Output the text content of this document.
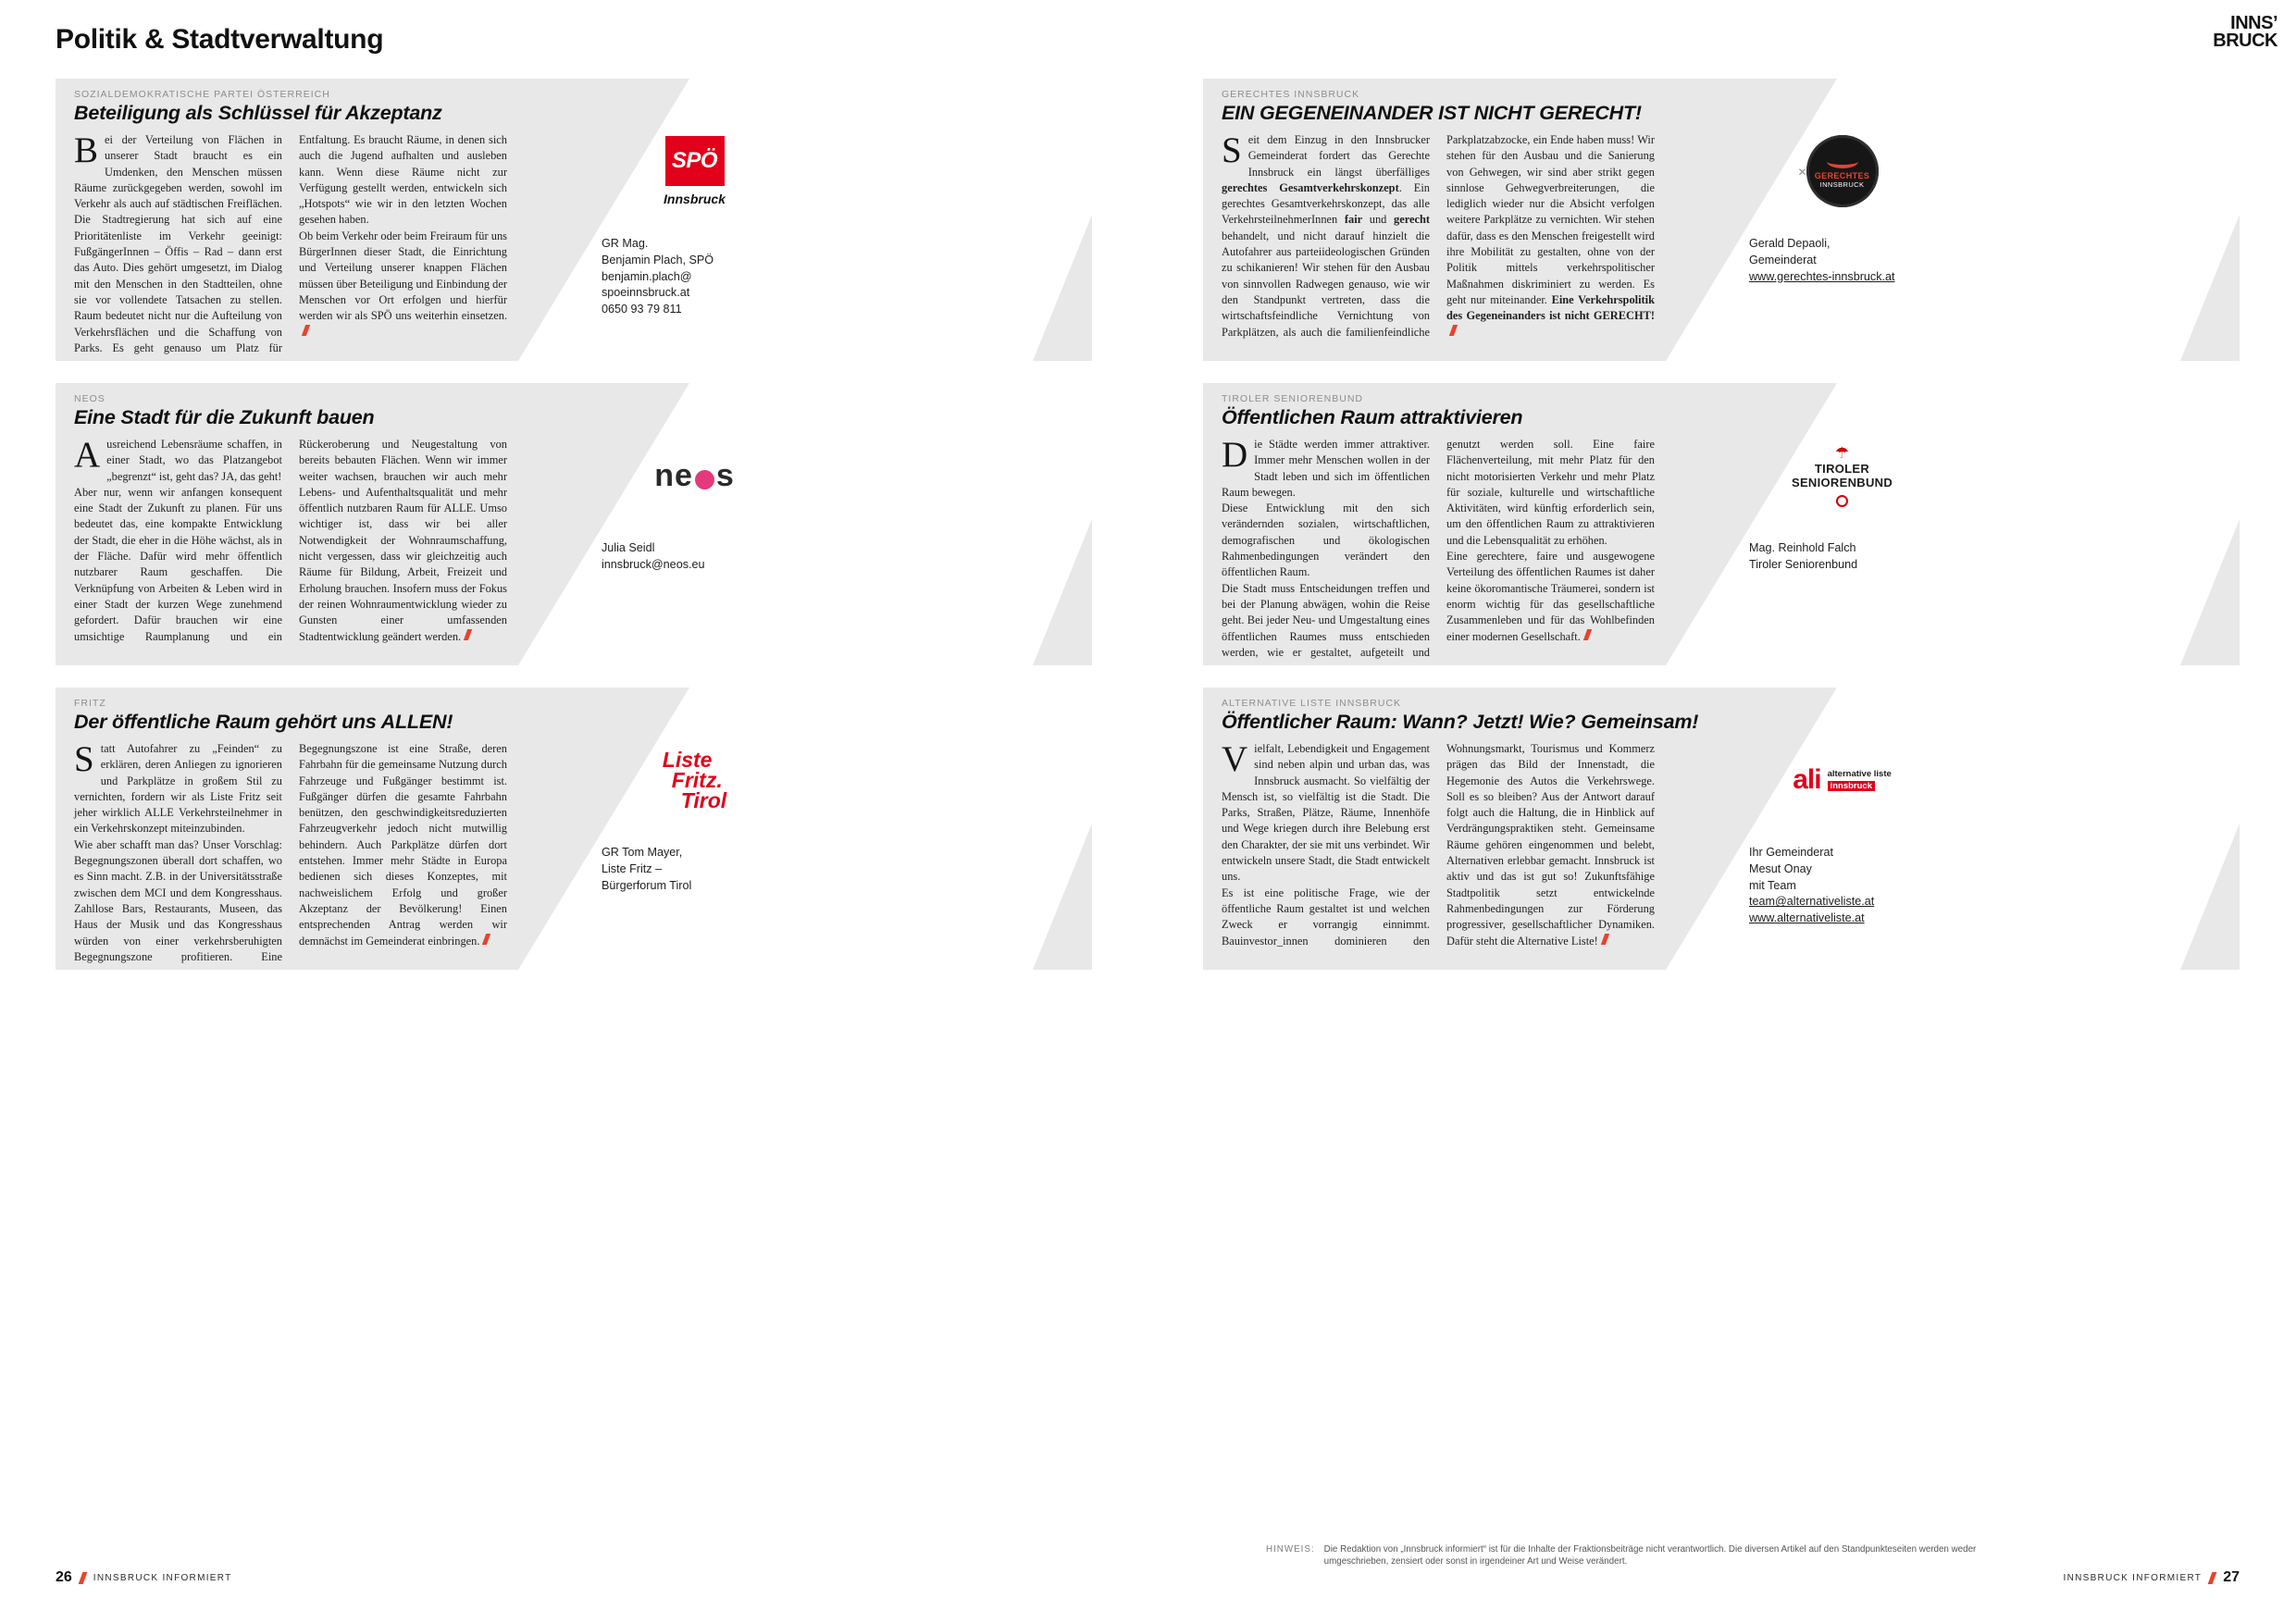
Politik & Stadtverwaltung
INNS’
BRUCK
SOZIALDEMOKRATISCHE PARTEI ÖSTERREICH
Beteiligung als Schlüssel für Akzeptanz
Bei der Verteilung von Flächen in unserer Stadt braucht es ein Umdenken, den Menschen müssen Räume zurückgegeben werden, sowohl im Verkehr als auch auf städtischen Freiflächen. Die Stadtregierung hat sich auf eine Prioritätenliste im Verkehr geeinigt: FußgängerInnen – Öffis – Rad – dann erst das Auto. Dies gehört umgesetzt, im Dialog mit den Menschen in den Stadtteilen, ohne sie vor vollendete Tatsachen zu stellen. Raum bedeutet nicht nur die Aufteilung von Verkehrsflächen und die Schaffung von Parks. Es geht genauso um Platz für Entfaltung. Es braucht Räume, in denen sich auch die Jugend aufhalten und ausleben kann. Wenn diese Räume nicht zur Verfügung gestellt werden, entwickeln sich „Hotspots“ wie wir in den letzten Wochen gesehen haben.
Ob beim Verkehr oder beim Freiraum für uns BürgerInnen dieser Stadt, die Einrichtung und Verteilung unserer knappen Flächen müssen über Beteiligung und Einbindung der Menschen vor Ort erfolgen und hierfür werden wir als SPÖ uns weiterhin einsetzen.
SPÖ
Innsbruck
GR Mag.
Benjamin Plach, SPÖ
benjamin.plach@
spoeinnsbruck.at
0650 93 79 811
GERECHTES INNSBRUCK
EIN GEGENEINANDER IST NICHT GERECHT!
Seit dem Einzug in den Innsbrucker Gemeinderat fordert das Gerechte Innsbruck ein längst überfälliges gerechtes Gesamtverkehrskonzept. Ein gerechtes Gesamtverkehrskonzept, das alle VerkehrsteilnehmerInnen fair und gerecht behandelt, und nicht darauf hinzielt die Autofahrer aus parteiideologischen Gründen zu schikanieren! Wir stehen für den Ausbau von sinnvollen Radwegen genauso, wie wir den Standpunkt vertreten, dass die wirtschaftsfeindliche Vernichtung von Parkplätzen, als auch die familienfeindliche Parkplatzabzocke, ein Ende haben muss! Wir stehen für den Ausbau und die Sanierung von Gehwegen, wir sind aber strikt gegen sinnlose Gehwegverbreiterungen, die lediglich wieder nur die Absicht verfolgen weitere Parkplätze zu vernichten. Wir stehen dafür, dass es den Menschen freigestellt wird ihre Mobilität zu gestalten, ohne von der Politik mittels verkehrspolitischer Maßnahmen diskriminiert zu werden. Es geht nur miteinander. Eine Verkehrspolitik des Gegeneinanders ist nicht GERECHT!
✕ GERECHTES
INNSBRUCK
Gerald Depaoli,
Gemeinderat
www.gerechtes-innsbruck.at
NEOS
Eine Stadt für die Zukunft bauen
Ausreichend Lebensräume schaffen, in einer Stadt, wo das Platzangebot „begrenzt“ ist, geht das? JA, das geht!
Aber nur, wenn wir anfangen konsequent eine Stadt der Zukunft zu planen. Für uns bedeutet das, eine kompakte Entwicklung der Stadt, die eher in die Höhe wächst, als in der Fläche. Dafür wird mehr öffentlich nutzbarer Raum geschaffen. Die Verknüpfung von Arbeiten & Leben wird in einer Stadt der kurzen Wege zunehmend gefordert. Dafür brauchen wir eine umsichtige Raumplanung und ein Rückeroberung und Neugestaltung von bereits bebauten Flächen. Wenn wir immer weiter wachsen, brauchen wir auch mehr Lebens- und Aufenthaltsqualität und mehr öffentlich nutzbaren Raum für ALLE. Umso wichtiger ist, dass wir bei aller Notwendigkeit der Wohnraumschaffung, nicht vergessen, dass wir gleichzeitig auch Räume für Bildung, Arbeit, Freizeit und Erholung brauchen. Insofern muss der Fokus der reinen Wohnraumentwicklung wieder zu Gunsten einer umfassenden Stadtentwicklung geändert werden.
ne s
Julia Seidl
innsbruck@neos.eu
TIROLER SENIORENBUND
Öffentlichen Raum attraktivieren
Die Städte werden immer attraktiver. Immer mehr Menschen wollen in der Stadt leben und sich im öffentlichen Raum bewegen.
Diese Entwicklung mit den sich verändernden sozialen, wirtschaftlichen, demografischen und ökologischen Rahmenbedingungen verändert den öffentlichen Raum.
Die Stadt muss Entscheidungen treffen und bei der Planung abwägen, wohin die Reise geht. Bei jeder Neu- und Umgestaltung eines öffentlichen Raumes muss entschieden werden, wie er gestaltet, aufgeteilt und genutzt werden soll. Eine faire Flächenverteilung, mit mehr Platz für den nicht motorisierten Verkehr und mehr Platz für soziale, kulturelle und wirtschaftliche Aktivitäten, wird künftig erforderlich sein, um den öffentlichen Raum zu attraktivieren und die Lebensqualität zu erhöhen.
Eine gerechtere, faire und ausgewogene Verteilung des öffentlichen Raumes ist daher keine ökoromantische Träumerei, sondern ist enorm wichtig für das gesellschaftliche Zusammenleben und für das Wohlbefinden einer modernen Gesellschaft.
☂
TIROLER
SENIORENBUND
Mag. Reinhold Falch
Tiroler Seniorenbund
FRITZ
Der öffentliche Raum gehört uns ALLEN!
Statt Autofahrer zu „Feinden“ zu erklären, deren Anliegen zu ignorieren und Parkplätze in großem Stil zu vernichten, fordern wir als Liste Fritz seit jeher wirklich ALLE Verkehrsteilnehmer in ein Verkehrskonzept miteinzubinden.
Wie aber schafft man das? Unser Vorschlag: Begegnungszonen überall dort schaffen, wo es Sinn macht. Z.B. in der Universitätsstraße zwischen dem MCI und dem Kongresshaus. Zahllose Bars, Restaurants, Museen, das Haus der Musik und das Kongresshaus würden von einer verkehrsberuhigten Begegnungszone profitieren. Eine Begegnungszone ist eine Straße, deren Fahrbahn für die gemeinsame Nutzung durch Fahrzeuge und Fußgänger bestimmt ist. Fußgänger dürfen die gesamte Fahrbahn benützen, den geschwindigkeitsreduzierten Fahrzeugverkehr jedoch nicht mutwillig behindern. Auch Parkplätze dürfen dort entstehen. Immer mehr Städte in Europa bedienen sich dieses Konzeptes, mit nachweislichem Erfolg und großer Akzeptanz der Bevölkerung! Einen entsprechenden Antrag werden wir demnächst im Gemeinderat einbringen.
Liste
Fritz.
Tirol
GR Tom Mayer,
Liste Fritz –
Bürgerforum Tirol
ALTERNATIVE LISTE INNSBRUCK
Öffentlicher Raum: Wann? Jetzt! Wie? Gemeinsam!
Vielfalt, Lebendigkeit und Engagement sind neben alpin und urban das, was Innsbruck ausmacht. So vielfältig der Mensch ist, so vielfältig ist die Stadt. Die Parks, Straßen, Plätze, Räume, Innenhöfe und Wege kriegen durch ihre Belebung erst den Charakter, der sie mit uns verbindet. Wir entwickeln unsere Stadt, die Stadt entwickelt uns.
Es ist eine politische Frage, wie der öffentliche Raum gestaltet ist und welchen Zweck er vorrangig einnimmt. Bauinvestor_innen dominieren den Wohnungsmarkt, Tourismus und Kommerz prägen das Bild der Innenstadt, die Hegemonie des Autos die Verkehrswege. Soll es so bleiben? Aus der Antwort darauf folgt auch die Haltung, die in Hinblick auf Verdrängungspraktiken steht. Gemeinsame Räume gehören eingenommen und belebt, Alternativen erlebbar gemacht. Innsbruck ist aktiv und das ist gut so! Zukunftsfähige Stadtpolitik setzt entwickelnde Rahmenbedingungen zur Förderung progressiver, gesellschaftlicher Dynamiken. Dafür steht die Alternative Liste!
ali alternative liste
innsbruck
Ihr Gemeinderat
Mesut Onay
mit Team
team@alternativeliste.at
www.alternativeliste.at
HINWEIS: Die Redaktion von „Innsbruck informiert“ ist für die Inhalte der Fraktionsbeiträge nicht verantwortlich. Die diversen Artikel auf den Standpunkteseiten werden weder umgeschrieben, zensiert oder sonst in irgendeiner Art und Weise verändert.
26 INNSBRUCK INFORMIERT	INNSBRUCK INFORMIERT 27
